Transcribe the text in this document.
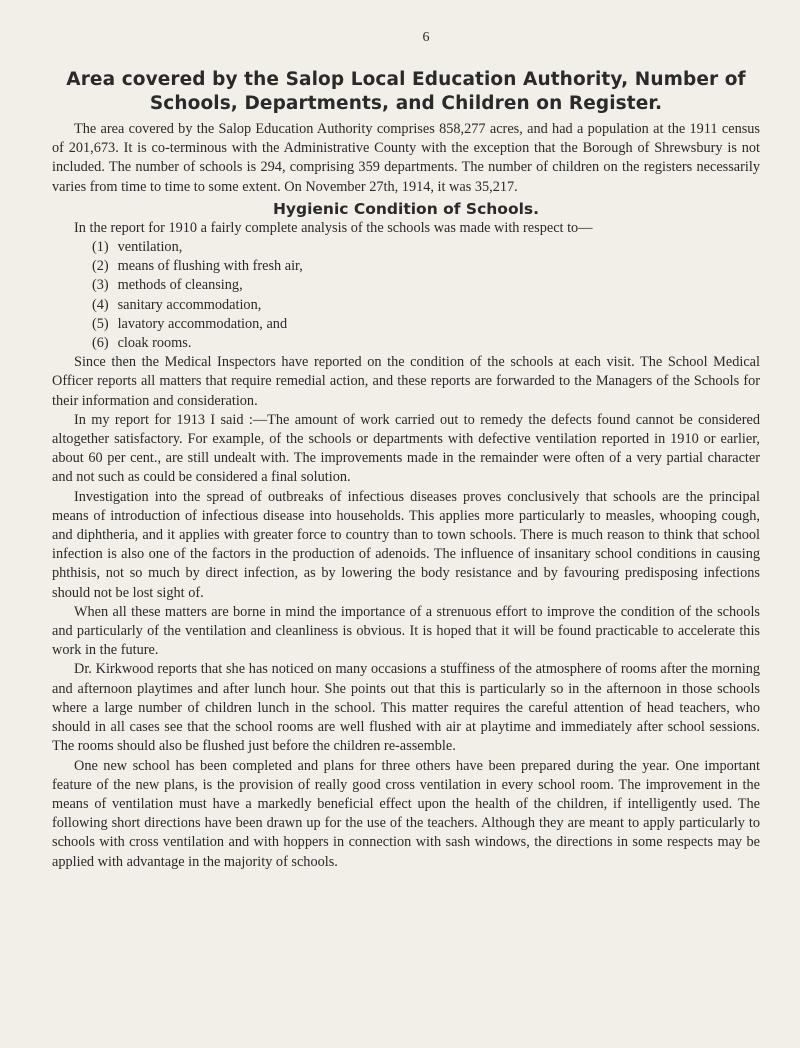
6
Area covered by the Salop Local Education Authority, Number of Schools, Departments, and Children on Register.

The area covered by the Salop Education Authority comprises 858,277 acres, and had a population at the 1911 census of 201,673. It is co-terminous with the Administrative County with the exception that the Borough of Shrewsbury is not included. The number of schools is 294, comprising 359 departments. The number of children on the registers necessarily varies from time to time to some extent. On November 27th, 1914, it was 35,217.

Hygienic Condition of Schools.

In the report for 1910 a fairly complete analysis of the schools was made with respect to—

(1) ventilation,
(2) means of flushing with fresh air,
(3) methods of cleansing,
(4) sanitary accommodation,
(5) lavatory accommodation, and
(6) cloak rooms.

Since then the Medical Inspectors have reported on the condition of the schools at each visit. The School Medical Officer reports all matters that require remedial action, and these reports are forwarded to the Managers of the Schools for their information and consideration.

In my report for 1913 I said :—The amount of work carried out to remedy the defects found cannot be considered altogether satisfactory. For example, of the schools or departments with defective ventilation reported in 1910 or earlier, about 60 per cent., are still undealt with. The improvements made in the remainder were often of a very partial character and not such as could be considered a final solution.

Investigation into the spread of outbreaks of infectious diseases proves conclusively that schools are the principal means of introduction of infectious disease into households. This applies more particularly to measles, whooping cough, and diphtheria, and it applies with greater force to country than to town schools. There is much reason to think that school infection is also one of the factors in the production of adenoids. The influence of insanitary school conditions in causing phthisis, not so much by direct infection, as by lowering the body resistance and by favouring predisposing infections should not be lost sight of.

When all these matters are borne in mind the importance of a strenuous effort to improve the condition of the schools and particularly of the ventilation and cleanliness is obvious. It is hoped that it will be found practicable to accelerate this work in the future.

Dr. Kirkwood reports that she has noticed on many occasions a stuffiness of the atmosphere of rooms after the morning and afternoon playtimes and after lunch hour. She points out that this is particularly so in the afternoon in those schools where a large number of children lunch in the school. This matter requires the careful attention of head teachers, who should in all cases see that the school rooms are well flushed with air at playtime and immediately after school sessions. The rooms should also be flushed just before the children re-assemble.

One new school has been completed and plans for three others have been prepared during the year. One important feature of the new plans, is the provision of really good cross ventilation in every school room. The improvement in the means of ventilation must have a markedly beneficial effect upon the health of the children, if intelligently used. The following short directions have been drawn up for the use of the teachers. Although they are meant to apply particularly to schools with cross ventilation and with hoppers in connection with sash windows, the directions in some respects may be applied with advantage in the majority of schools.
